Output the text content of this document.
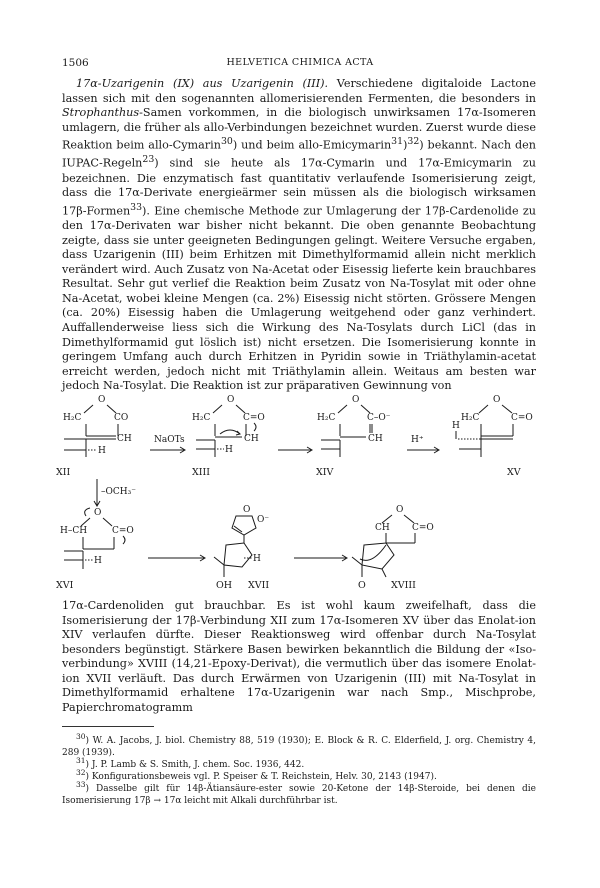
1506	HELVETICA CHIMICA ACTA

17α-Uzarigenin (IX) aus Uzarigenin (III). Verschiedene digitaloide Lactone lassen sich mit den sogenannten allomerisierenden Fermenten, die besonders in Strophanthus-Samen vorkommen, in die biologisch unwirksamen 17α-Isomeren umlagern, die früher als allo-Verbindungen bezeichnet wurden. Zuerst wurde diese Reaktion beim allo-Cymarin$^{30}$) und beim allo-Emicymarin$^{31}$)$^{32}$) bekannt. Nach den IUPAC-Regeln$^{23}$) sind sie heute als 17α-Cymarin und 17α-Emicymarin zu bezeichnen. Die enzymatisch fast quantitativ verlaufende Isomerisierung zeigt, dass die 17α-Derivate energieärmer sein müssen als die biologisch wirksamen 17β-Formen$^{33}$). Eine chemische Methode zur Umlagerung der 17β-Cardenolide zu den 17α-Derivaten war bisher nicht bekannt. Die oben genannte Beobachtung zeigte, dass sie unter geeigneten Bedingungen gelingt. Weitere Versuche ergaben, dass Uzarigenin (III) beim Erhitzen mit Dimethylformamid allein nicht merklich verändert wird. Auch Zusatz von Na-Acetat oder Eisessig lieferte kein brauchbares Resultat. Sehr gut verlief die Reaktion beim Zusatz von Na-Tosylat mit oder ohne Na-Acetat, wobei kleine Mengen (ca. 2%) Eisessig nicht störten. Grössere Mengen (ca. 20%) Eisessig haben die Umlagerung weitgehend oder ganz verhindert. Auffallenderweise liess sich die Wirkung des Na-Tosylats durch LiCl (das in Dimethylformamid gut löslich ist) nicht ersetzen. Die Isomerisierung konnte in geringem Umfang auch durch Erhitzen in Pyridin sowie in Triäthylamin-acetat erreicht werden, jedoch nicht mit Triäthylamin allein. Weitaus am besten war jedoch Na-Tosylat. Die Reaktion ist zur präparativen Gewinnung von

O
H₂C	CO
CH
H
XII
NaOTs
O
H₂C	C=O
CH
H
XIII
O
H₂C	C–O⁻
CH
XIV
H⁺
O
H₂C	C=O
H
XV
–OCH₃⁻
O
H–CH	C=O
H
XVI
O
O⁻
H
OH XVII
O
CH C=O
O	XVIII

17α-Cardenoliden gut brauchbar. Es ist wohl kaum zweifelhaft, dass die Isomerisierung der 17β-Verbindung XII zum 17α-Isomeren XV über das Enolat-ion XIV verlaufen dürfte. Dieser Reaktionsweg wird offenbar durch Na-Tosylat besonders begünstigt. Stärkere Basen bewirken bekanntlich die Bildung der «Iso-verbindung» XVIII (14,21-Epoxy-Derivat), die vermutlich über das isomere Enolat-ion XVII verläuft. Das durch Erwärmen von Uzarigenin (III) mit Na-Tosylat in Dimethylformamid erhaltene 17α-Uzarigenin war nach Smp., Mischprobe, Papierchromatogramm

$^{30}$) W. A. Jacobs, J. biol. Chemistry 88, 519 (1930); E. Block & R. C. Elderfield, J. org. Chemistry 4, 289 (1939).

$^{31}$) J. P. Lamb & S. Smith, J. chem. Soc. 1936, 442.

$^{32}$) Konfigurationsbeweis vgl. P. Speiser & T. Reichstein, Helv. 30, 2143 (1947).

$^{33}$) Dasselbe gilt für 14β-Ätiansäure-ester sowie 20-Ketone der 14β-Steroide, bei denen die Isomerisierung 17β → 17α leicht mit Alkali durchführbar ist.
